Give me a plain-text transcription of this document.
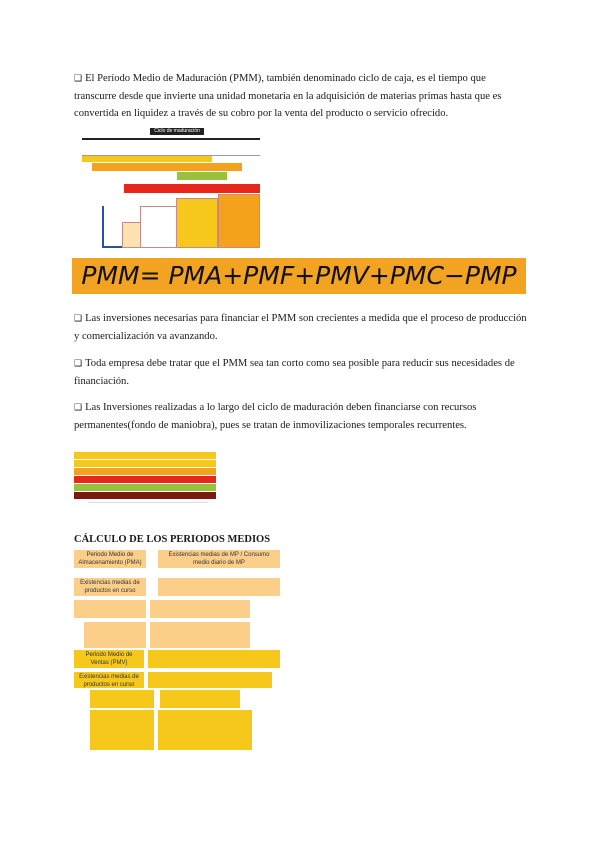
❑ El Período Medio de Maduración (PMM), también denominado ciclo de caja, es el tiempo que transcurre desde que invierte una unidad monetaria en la adquisición de materias primas hasta que es convertida en liquidez a través de su cobro por la venta del producto o servicio ofrecido.

Ciclo de maduración
PMM= PMA+PMF+PMV+PMC−PMP

❑ Las inversiones necesarias para financiar el PMM son crecientes a medida que el proceso de producción y comercialización va avanzando.

❑ Toda empresa debe tratar que el PMM sea tan corto como sea posible para reducir sus necesidades de financiación.

❑ Las Inversiones realizadas a lo largo del ciclo de maduración deben financiarse con recursos permanentes(fondo de maniobra), pues se tratan de inmovilizaciones temporales recurrentes.

CÁLCULO DE LOS PERIODOS MEDIOS

Periodo Medio de Almacenamiento (PMA)
Existencias medias de MP / Consumo medio diario de MP
Existencias medias de productos en curso
Periodo Medio de Ventas (PMV)
Existencias medias de productos en curso
